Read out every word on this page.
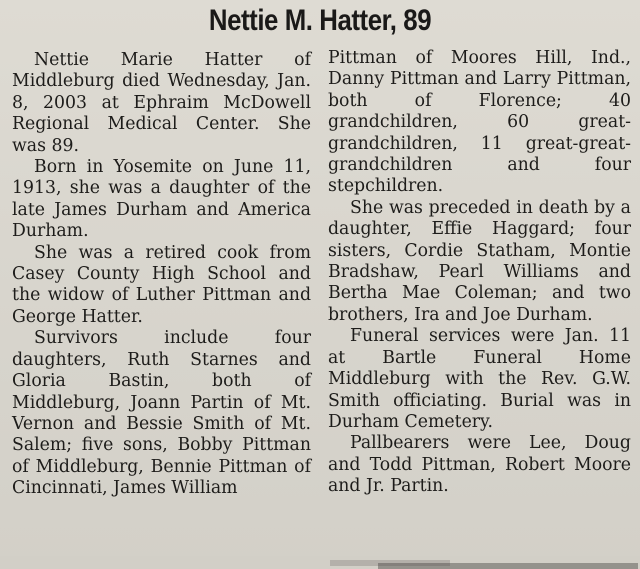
Nettie M. Hatter, 89

Nettie Marie Hatter of Middleburg died Wednesday, Jan. 8, 2003 at Ephraim McDowell Regional Medical Center. She was 89.

Born in Yosemite on June 11, 1913, she was a daughter of the late James Durham and America Durham.

She was a retired cook from Casey County High School and the widow of Luther Pittman and George Hatter.

Survivors include four daughters, Ruth Starnes and Gloria Bastin, both of Middleburg, Joann Partin of Mt. Vernon and Bessie Smith of Mt. Salem; five sons, Bobby Pittman of Middleburg, Bennie Pittman of Cincinnati, James William

Pittman of Moores Hill, Ind., Danny Pittman and Larry Pittman, both of Florence; 40 grandchildren, 60 great-grandchildren, 11 great-great-grandchildren and four stepchildren.

She was preceded in death by a daughter, Effie Haggard; four sisters, Cordie Statham, Montie Bradshaw, Pearl Williams and Bertha Mae Coleman; and two brothers, Ira and Joe Durham.

Funeral services were Jan. 11 at Bartle Funeral Home Middleburg with the Rev. G.W. Smith officiating. Burial was in Durham Cemetery.

Pallbearers were Lee, Doug and Todd Pittman, Robert Moore and Jr. Partin.
